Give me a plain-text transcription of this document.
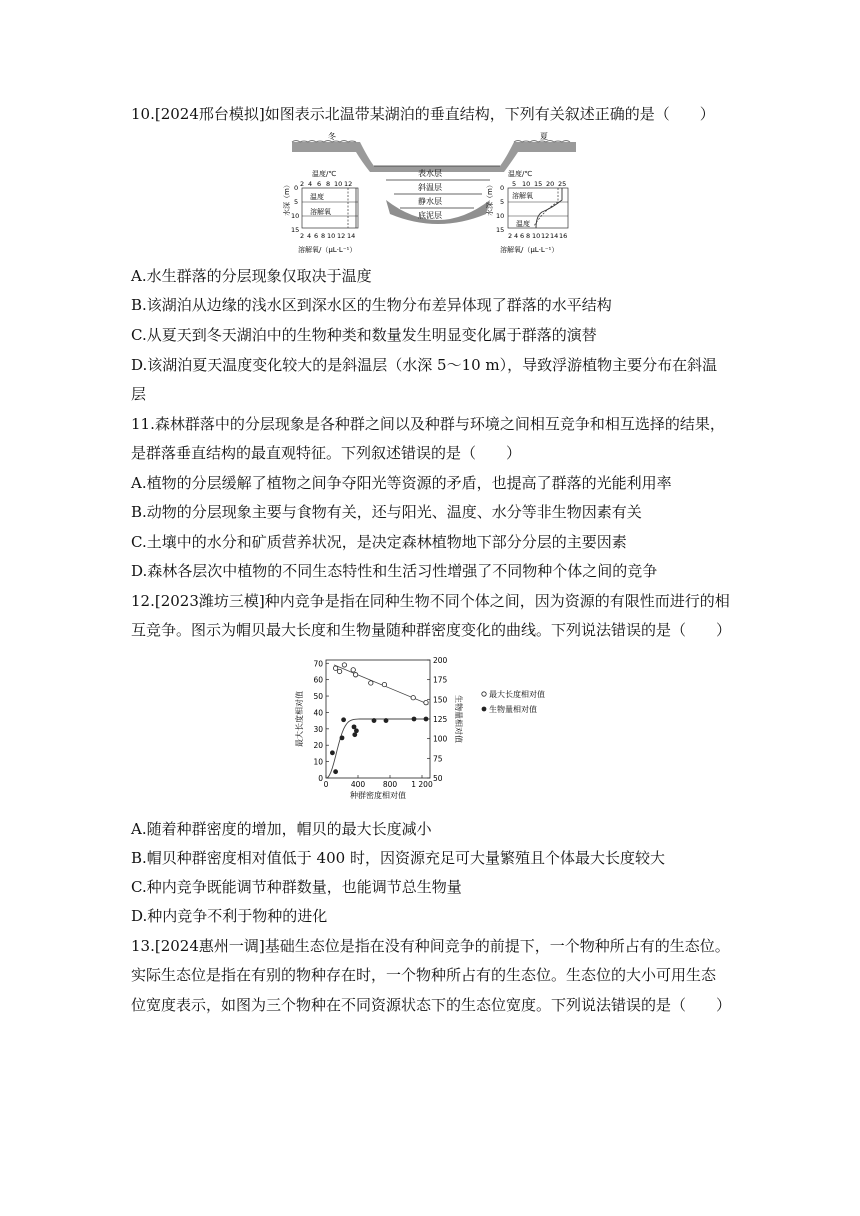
10.[2024邢台模拟]如图表示北温带某湖泊的垂直结构，下列有关叙述正确的是（　　）
冬	夏
表水层
斜温层
静水层
底泥层
温度/℃
2 4 6 8 10 12
温度
溶解氧
0
5
10
15
2 4 6 8 10 12 14
溶解氧/（μL·L⁻¹）
水深（m）
温度/℃
5 10 15 20 25
溶解氧
温度
0
5
10
15
2 4 6 8 10 12 14 16
溶解氧/（μL·L⁻¹）
水深（m）
A.水生群落的分层现象仅取决于温度
B.该湖泊从边缘的浅水区到深水区的生物分布差异体现了群落的水平结构
C.从夏天到冬天湖泊中的生物种类和数量发生明显变化属于群落的演替
D.该湖泊夏天温度变化较大的是斜温层（水深 5～10 m），导致浮游植物主要分布在斜温
层
11.森林群落中的分层现象是各种群之间以及种群与环境之间相互竞争和相互选择的结果，
是群落垂直结构的最直观特征。下列叙述错误的是（　　）
A.植物的分层缓解了植物之间争夺阳光等资源的矛盾，也提高了群落的光能利用率
B.动物的分层现象主要与食物有关，还与阳光、温度、水分等非生物因素有关
C.土壤中的水分和矿质营养状况，是决定森林植物地下部分分层的主要因素
D.森林各层次中植物的不同生态特性和生活习性增强了不同物种个体之间的竞争
12.[2023潍坊三模]种内竞争是指在同种生物不同个体之间，因为资源的有限性而进行的相
互竞争。图示为帽贝最大长度和生物量随种群密度变化的曲线。下列说法错误的是（　　）
0
10
20
30
40
50
60
70
50
75
100
125
150
175
200
0	400 800 1 200
种群密度相对值
最大长度相对值	生物量相对值
最大长度相对值
生物量相对值
A.随着种群密度的增加，帽贝的最大长度减小
B.帽贝种群密度相对值低于 400 时，因资源充足可大量繁殖且个体最大长度较大
C.种内竞争既能调节种群数量，也能调节总生物量
D.种内竞争不利于物种的进化
13.[2024惠州一调]基础生态位是指在没有种间竞争的前提下，一个物种所占有的生态位。
实际生态位是指在有别的物种存在时，一个物种所占有的生态位。生态位的大小可用生态
位宽度表示，如图为三个物种在不同资源状态下的生态位宽度。下列说法错误的是（　　）
